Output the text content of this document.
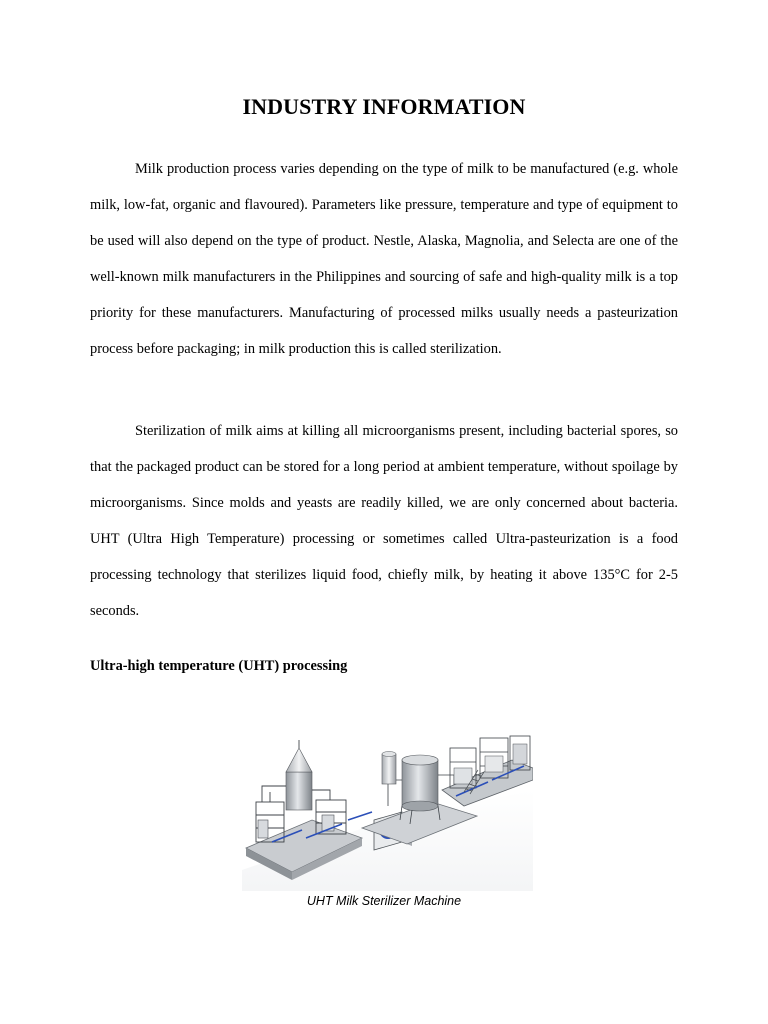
INDUSTRY INFORMATION

Milk production process varies depending on the type of milk to be manufactured (e.g. whole milk, low-fat, organic and flavoured). Parameters like pressure, temperature and type of equipment to be used will also depend on the type of product. Nestle, Alaska, Magnolia, and Selecta are one of the well-known milk manufacturers in the Philippines and sourcing of safe and high-quality milk is a top priority for these manufacturers. Manufacturing of processed milks usually needs a pasteurization process before packaging; in milk production this is called sterilization.

Sterilization of milk aims at killing all microorganisms present, including bacterial spores, so that the packaged product can be stored for a long period at ambient temperature, without spoilage by microorganisms. Since molds and yeasts are readily killed, we are only concerned about bacteria. UHT (Ultra High Temperature) processing or sometimes called Ultra-pasteurization is a food processing technology that sterilizes liquid food, chiefly milk, by heating it above 135°C for 2-5 seconds.

Ultra-high temperature (UHT) processing

UHT Milk Sterilizer Machine
